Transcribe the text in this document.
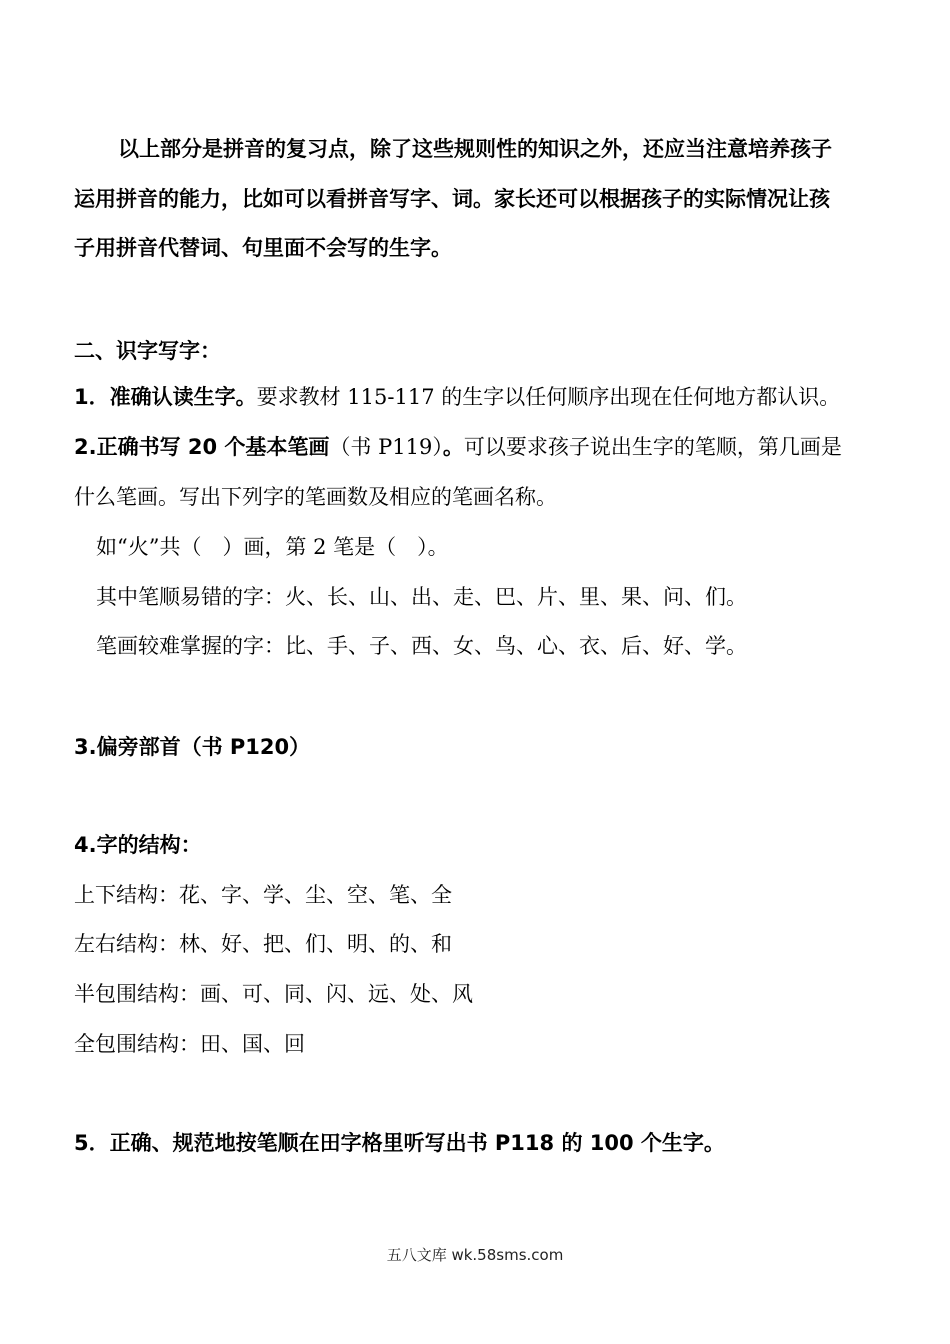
以上部分是拼音的复习点，除了这些规则性的知识之外，还应当注意培养孩子
运用拼音的能力，比如可以看拼音写字、词。家长还可以根据孩子的实际情况让孩
子用拼音代替词、句里面不会写的生字。
二、识字写字：
1．准确认读生字。要求教材 115-117 的生字以任何顺序出现在任何地方都认识。
2.正确书写 20 个基本笔画（书 P119）。可以要求孩子说出生字的笔顺，第几画是
什么笔画。写出下列字的笔画数及相应的笔画名称。
如“火”共（　）画，第 2 笔是（　）。
其中笔顺易错的字：火、长、山、出、走、巴、片、里、果、问、们。
笔画较难掌握的字：比、手、子、西、女、鸟、心、衣、后、好、学。
3.偏旁部首（书 P120）
4.字的结构：
上下结构：花、字、学、尘、空、笔、全
左右结构：林、好、把、们、明、的、和
半包围结构：画、可、同、闪、远、处、风
全包围结构：田、国、回
5．正确、规范地按笔顺在田字格里听写出书 P118 的 100 个生字。
五八文库 wk.58sms.com
